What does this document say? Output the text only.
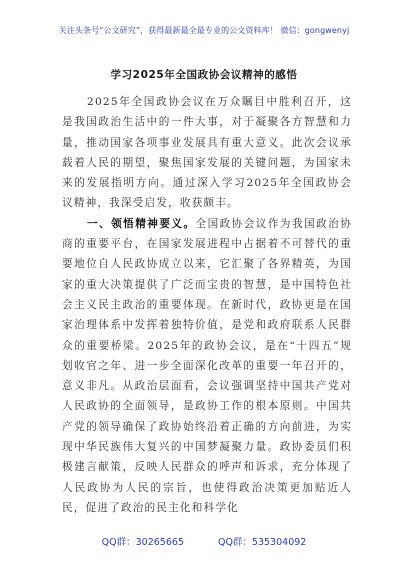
关注头条号“公文研究”，获得最新最全最专业的公文资料库！ 微信：gongwenyj
学习2025年全国政协会议精神的感悟

2025年全国政协会议在万众瞩目中胜利召开，这是我国政治生活中的一件大事，对于凝聚各方智慧和力量，推动国家各项事业发展具有重大意义。此次会议承载着人民的期望，聚焦国家发展的关键问题，为国家未来的发展指明方向。通过深入学习2025年全国政协会议精神，我深受启发，收获颇丰。

一、领悟精神要义。全国政协会议作为我国政治协商的重要平台，在国家发展进程中占据着不可替代的重要地位自人民政协成立以来，它汇聚了各界精英，为国家的重大决策提供了广泛而宝贵的智慧，是中国特色社会主义民主政治的重要体现。在新时代，政协更是在国家治理体系中发挥着独特价值，是党和政府联系人民群众的重要桥梁。2025年的政协会议，是在“十四五”规划收官之年、进一步全面深化改革的重要一年召开的，意义非凡。从政治层面看，会议强调坚持中国共产党对人民政协的全面领导，是政协工作的根本原则。中国共产党的领导确保了政协始终沿着正确的方向前进，为实现中华民族伟大复兴的中国梦凝聚力量。政协委员们积极建言献策，反映人民群众的呼声和诉求，充分体现了人民政协为人民的宗旨，也使得政治决策更加贴近人民，促进了政治的民主化和科学化

QQ群：30265665	QQ群：535304092
